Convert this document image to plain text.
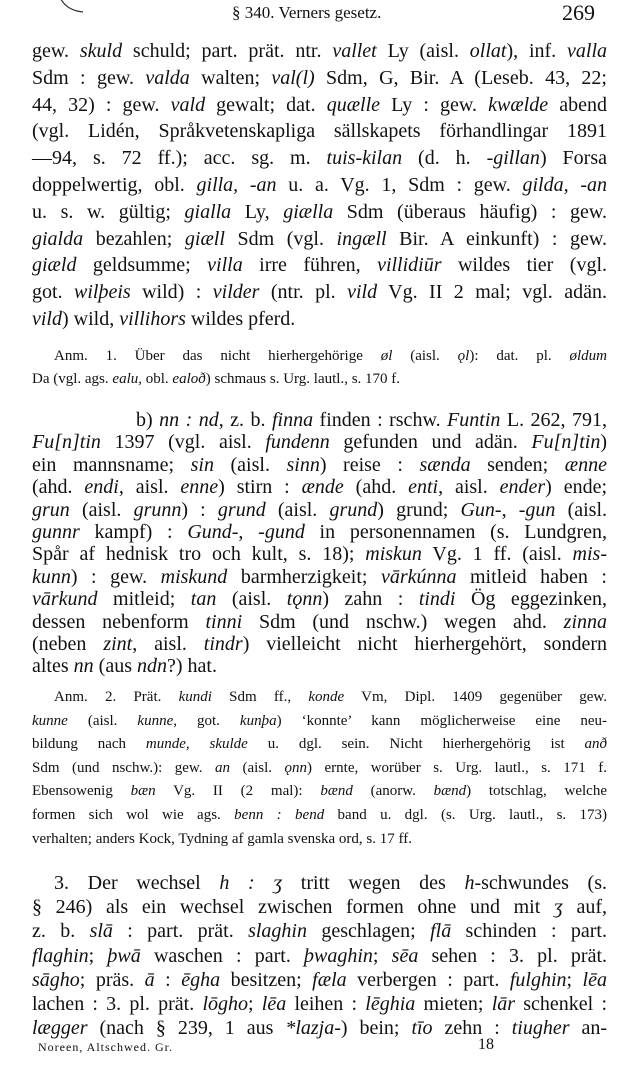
§ 340. Verners gesetz.	269
gew. skuld schuld; part. prät. ntr. vallet Ly (aisl. ollat), inf. valla
Sdm : gew. valda walten; val(l) Sdm, G, Bir. A (Leseb. 43, 22;
44, 32) : gew. vald gewalt; dat. quælle Ly : gew. kwælde abend
(vgl. Lidén, Språkvetenskapliga sällskapets förhandlingar 1891
—94, s. 72 ff.); acc. sg. m. tuis-kilan (d. h. -gillan) Forsa
doppelwertig, obl. gilla, -an u. a. Vg. 1, Sdm : gew. gilda, -an
u. s. w. gültig; gialla Ly, giælla Sdm (überaus häufig) : gew.
gialda bezahlen; giæll Sdm (vgl. ingæll Bir. A einkunft) : gew.
giæld geldsumme; villa irre führen, villidiūr wildes tier (vgl.
got. wilþeis wild) : vilder (ntr. pl. vild Vg. II 2 mal; vgl. adän.
vild) wild, villihors wildes pferd.
Anm. 1. Über das nicht hierhergehörige øl (aisl. ǫl): dat. pl. øldum
Da (vgl. ags. ealu, obl. ealoð) schmaus s. Urg. lautl., s. 170 f.
b) nn : nd, z. b. finna finden : rschw. Funtin L. 262, 791,
Fu[n]tin 1397 (vgl. aisl. fundenn gefunden und adän. Fu[n]tin)
ein mannsname; sin (aisl. sinn) reise : sænda senden; ænne
(ahd. endi, aisl. enne) stirn : ænde (ahd. enti, aisl. ender) ende;
grun (aisl. grunn) : grund (aisl. grund) grund; Gun-, -gun (aisl.
gunnr kampf) : Gund-, -gund in personennamen (s. Lundgren,
Spår af hednisk tro och kult, s. 18); miskun Vg. 1 ff. (aisl. mis-
kunn) : gew. miskund barmherzigkeit; vārkúnna mitleid haben :
vārkund mitleid; tan (aisl. tǫnn) zahn : tindi Ög eggezinken,
dessen nebenform tinni Sdm (und nschw.) wegen ahd. zinna
(neben zint, aisl. tindr) vielleicht nicht hierhergehört, sondern
altes nn (aus ndn?) hat.
Anm. 2. Prät. kundi Sdm ff., konde Vm, Dipl. 1409 gegenüber gew.
kunne (aisl. kunne, got. kunþa) ‘konnte’ kann möglicherweise eine neu-
bildung nach munde, skulde u. dgl. sein. Nicht hierhergehörig ist anð
Sdm (und nschw.): gew. an (aisl. ǫnn) ernte, worüber s. Urg. lautl., s. 171 f.
Ebensowenig bæn Vg. II (2 mal): bænd (anorw. bænd) totschlag, welche
formen sich wol wie ags. benn : bend band u. dgl. (s. Urg. lautl., s. 173)
verhalten; anders Kock, Tydning af gamla svenska ord, s. 17 ff.
3. Der wechsel h : ʒ tritt wegen des h-schwundes (s.
§ 246) als ein wechsel zwischen formen ohne und mit ʒ auf,
z. b. slā : part. prät. slaghin geschlagen; flā schinden : part.
flaghin; þwā waschen : part. þwaghin; sēa sehen : 3. pl. prät.
sāgho; präs. ā : ēgha besitzen; fæla verbergen : part. fulghin; lēa
lachen : 3. pl. prät. lōgho; lēa leihen : lēghia mieten; lār schenkel :
lægger (nach § 239, 1 aus *lazja-) bein; tīo zehn : tiugher an-
Noreen, Altschwed. Gr.	18
